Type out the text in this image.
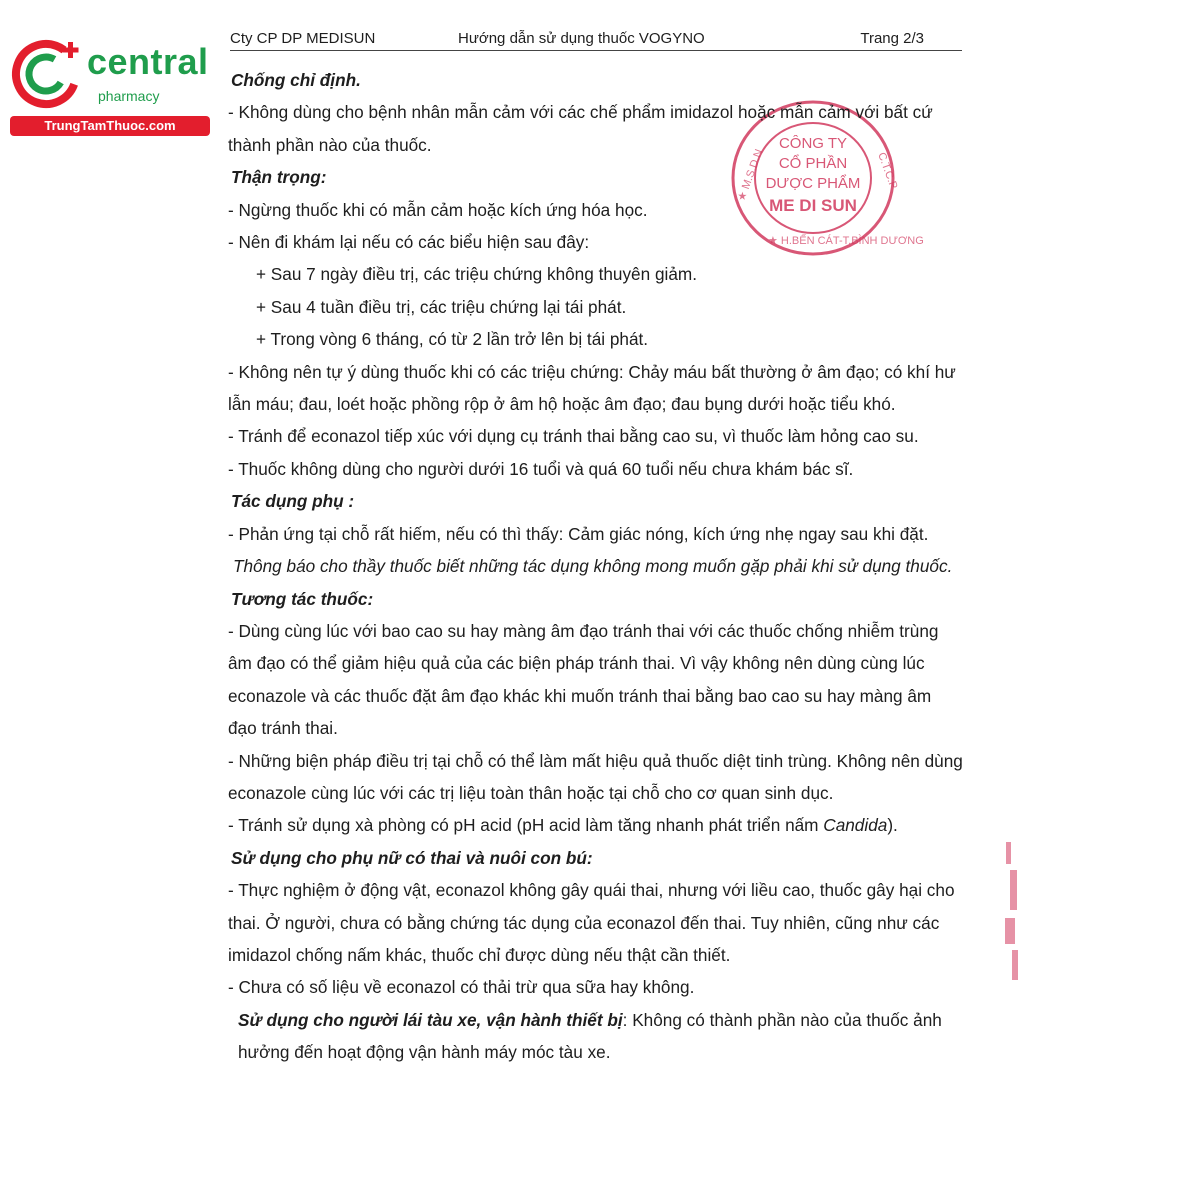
central
pharmacy
TrungTamThuoc.com
Cty CP DP MEDISUN	Hướng dẫn sử dụng thuốc VOGYNO	Trang 2/3
CÔNG TY
CỔ PHẦN
DƯỢC PHẨM
ME DI SUN
★ M.S.D.N	C.T.C.P
★ H.BẾN CÁT-T.BÌNH DƯƠNG

Chống chỉ định.

- Không dùng cho bệnh nhân mẫn cảm với các chế phẩm imidazol hoặc mẫn cảm với bất cứ thành phần nào của thuốc.

Thận trọng:

- Ngừng thuốc khi có mẫn cảm hoặc kích ứng hóa học.

- Nên đi khám lại nếu có các biểu hiện sau đây:

+ Sau 7 ngày điều trị, các triệu chứng không thuyên giảm.

+ Sau 4 tuần điều trị, các triệu chứng lại tái phát.

+ Trong vòng 6 tháng, có từ 2 lần trở lên bị tái phát.

- Không nên tự ý dùng thuốc khi có các triệu chứng: Chảy máu bất thường ở âm đạo; có khí hư lẫn máu; đau, loét hoặc phồng rộp ở âm hộ hoặc âm đạo; đau bụng dưới hoặc tiểu khó.

- Tránh để econazol tiếp xúc với dụng cụ tránh thai bằng cao su, vì thuốc làm hỏng cao su.

- Thuốc không dùng cho người dưới 16 tuổi và quá 60 tuổi nếu chưa khám bác sĩ.

Tác dụng phụ :

- Phản ứng tại chỗ rất hiếm, nếu có thì thấy: Cảm giác nóng, kích ứng nhẹ ngay sau khi đặt.

Thông báo cho thầy thuốc biết những tác dụng không mong muốn gặp phải khi sử dụng thuốc.

Tương tác thuốc:

- Dùng cùng lúc với bao cao su hay màng âm đạo tránh thai với các thuốc chống nhiễm trùng âm đạo có thể giảm hiệu quả của các biện pháp tránh thai. Vì vậy không nên dùng cùng lúc econazole và các thuốc đặt âm đạo khác khi muốn tránh thai bằng bao cao su hay màng âm đạo tránh thai.

- Những biện pháp điều trị tại chỗ có thể làm mất hiệu quả thuốc diệt tinh trùng. Không nên dùng econazole cùng lúc với các trị liệu toàn thân hoặc tại chỗ cho cơ quan sinh dục.

- Tránh sử dụng xà phòng có pH acid (pH acid làm tăng nhanh phát triển nấm Candida).

Sử dụng cho phụ nữ có thai và nuôi con bú:

- Thực nghiệm ở động vật, econazol không gây quái thai, nhưng với liều cao, thuốc gây hại cho thai. Ở người, chưa có bằng chứng tác dụng của econazol đến thai. Tuy nhiên, cũng như các imidazol chống nấm khác, thuốc chỉ được dùng nếu thật cần thiết.

- Chưa có số liệu về econazol có thải trừ qua sữa hay không.

Sử dụng cho người lái tàu xe, vận hành thiết bị: Không có thành phần nào của thuốc ảnh hưởng đến hoạt động vận hành máy móc tàu xe.
